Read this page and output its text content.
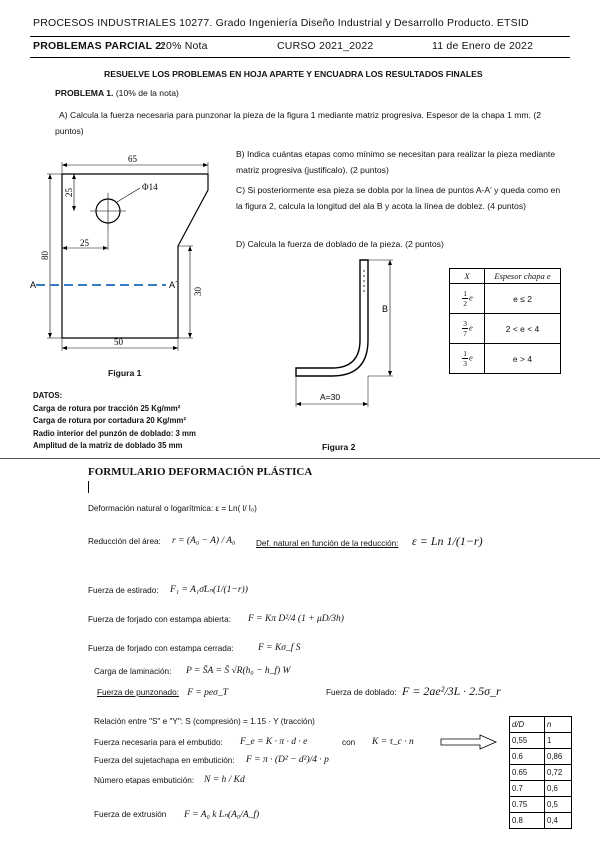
PROCESOS INDUSTRIALES 10277. Grado Ingeniería Diseño Industrial y Desarrollo Producto. ETSID
PROBLEMAS PARCIAL 2:
20% Nota	CURSO 2021_2022	11 de Enero de 2022
RESUELVE LOS PROBLEMAS EN HOJA APARTE Y ENCUADRA LOS RESULTADOS FINALES
PROBLEMA 1. (10% de la nota)
A) Calcula la fuerza necesaria para punzonar la pieza de la figura 1 mediante matriz progresiva. Espesor de la chapa 1 mm. (2 puntos)
65
25
Φ14
25
80
30
50
A	A´
Figura 1
B) Indica cuántas etapas como mínimo se necesitan para realizar la pieza mediante matriz progresiva (justificalo). (2 puntos)
C) Si posteriormente esa pieza se dobla por la línea de puntos A-A' y queda como en la figura 2, calcula la longitud del ala B y acota la línea de doblez. (4 puntos)
D) Calcula la fuerza de doblado de la pieza. (2 puntos)
B
A=30
Figura 2
X	Espesor chapa e

$\frac{1}{2}$ e	e ≤ 2

$\frac{3}{7}$ e	2 < e < 4

$\frac{1}{3}$ e	e > 4
DATOS:
Carga de rotura por tracción 25 Kg/mm²
Carga de rotura por cortadura 20 Kg/mm²
Radio interior del punzón de doblado: 3 mm
Amplitud de la matriz de doblado 35 mm
FORMULARIO DEFORMACIÓN PLÁSTICA
Deformación natural o logarítmica: ε = Ln( l/ l₀)
Reducción del área: r = (A₀ − A) / A₀	Def. natural en función de la reducción: ε = Ln 1/(1−r)
Fuerza de estirado: F₁ = A₁σ̄Lₙ(1/(1−r))
Fuerza de forjado con estampa abierta: F = Kπ D²/4 (1 + μD/3h)
Fuerza de forjado con estampa cerrada:	F = Kσ_f S
Carga de laminación: P = S̄A = S̄ √R(h₀ − h_f) W
Fuerza de punzonado: F = peσ_T	Fuerza de doblado: F = 2ae²/3L · 2.5σ_r
Relación entre "S" e "Y": S (compresión) = 1.15 · Y (tracción)
Fuerza necesaria para el embutido: F_e = K · π · d · e	con K = τ_c · n
Fuerza del sujetachapa en embutición: F = π · (D² − d²)/4 · p
Número etapas embutición: N = h / Kd
Fuerza de extrusión F = A₀ k Lₙ(A₀/A_f)
d/D	n
0,55	1
0.6	0,86
0.65	0,72
0.7	0,6
0.75	0,5
0.8	0,4
